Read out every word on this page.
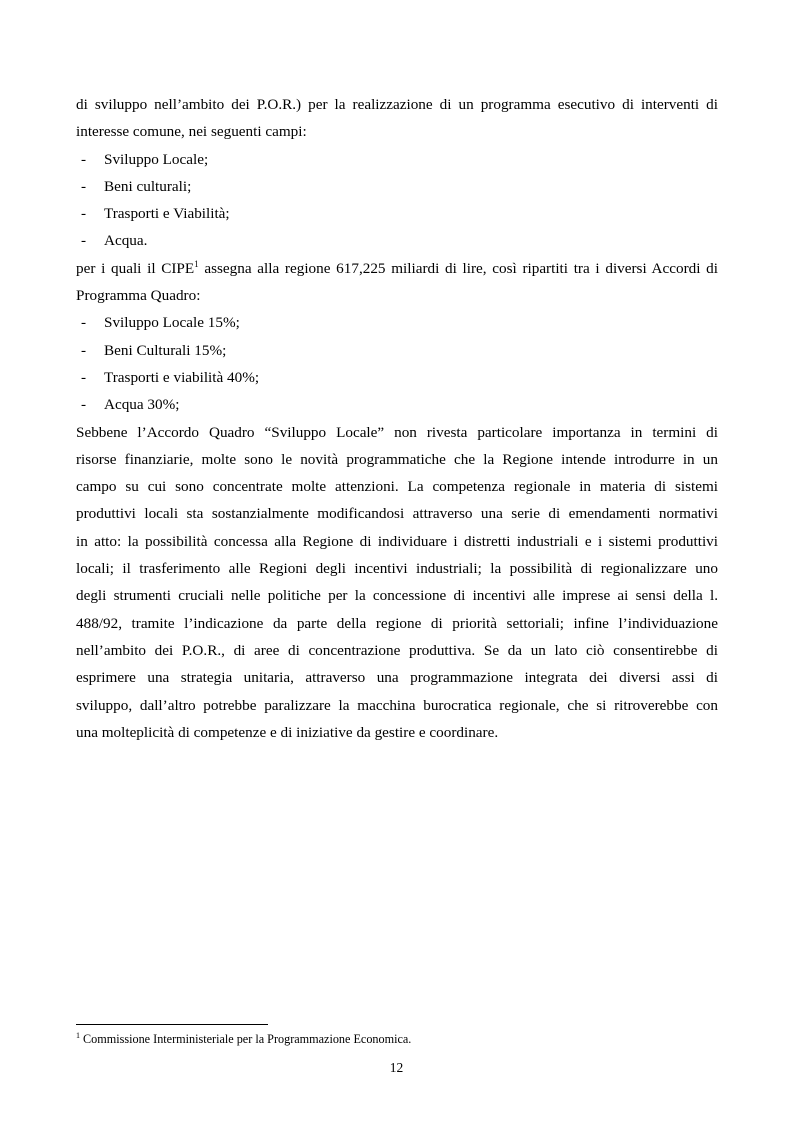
di sviluppo nell’ambito dei P.O.R.) per la realizzazione di un programma esecutivo di interventi di
interesse comune, nei seguenti campi:
- Sviluppo Locale;
- Beni culturali;
- Trasporti e Viabilità;
- Acqua.
per i quali il CIPE$^1$ assegna alla regione 617,225 miliardi di lire, così ripartiti tra i diversi Accordi di
Programma Quadro:
- Sviluppo Locale 15%;
- Beni Culturali 15%;
- Trasporti e viabilità 40%;
- Acqua 30%;
Sebbene l’Accordo Quadro “Sviluppo Locale” non rivesta particolare importanza in termini di
risorse finanziarie, molte sono le novità programmatiche che la Regione intende introdurre in un
campo su cui sono concentrate molte attenzioni. La competenza regionale in materia di sistemi
produttivi locali sta sostanzialmente modificandosi attraverso una serie di emendamenti normativi
in atto: la possibilità concessa alla Regione di individuare i distretti industriali e i sistemi produttivi
locali; il trasferimento alle Regioni degli incentivi industriali; la possibilità di regionalizzare uno
degli strumenti cruciali nelle politiche per la concessione di incentivi alle imprese ai sensi della l.
488/92, tramite l’indicazione da parte della regione di priorità settoriali; infine l’individuazione
nell’ambito dei P.O.R., di aree di concentrazione produttiva. Se da un lato ciò consentirebbe di
esprimere una strategia unitaria, attraverso una programmazione integrata dei diversi assi di
sviluppo, dall’altro potrebbe paralizzare la macchina burocratica regionale, che si ritroverebbe con
una molteplicità di competenze e di iniziative da gestire e coordinare.
$^1$ Commissione Interministeriale per la Programmazione Economica.
12
